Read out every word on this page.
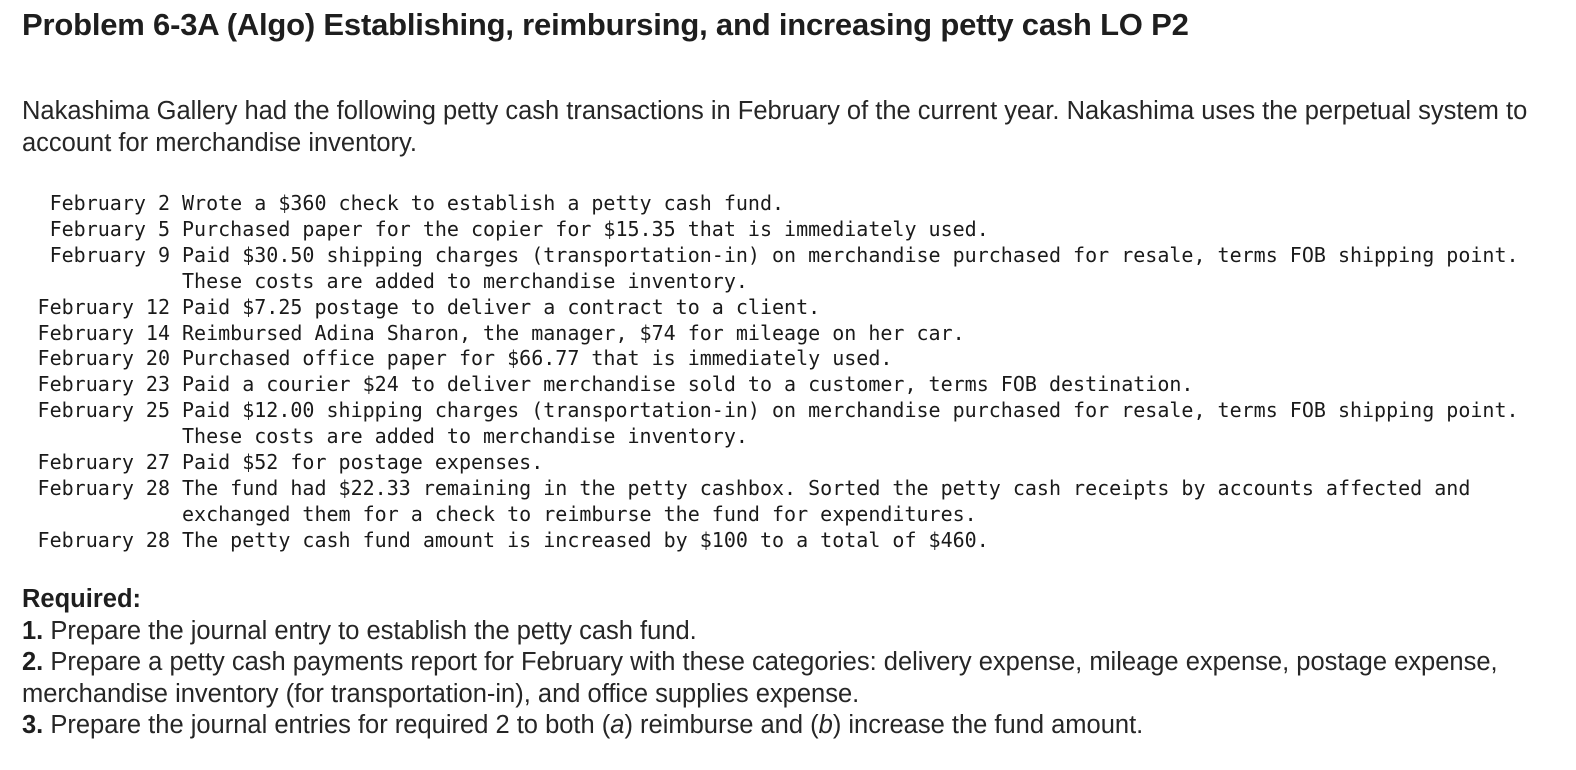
Problem 6-3A (Algo) Establishing, reimbursing, and increasing petty cash LO P2

Nakashima Gallery had the following petty cash transactions in February of the current year. Nakashima uses the perpetual system to account for merchandise inventory.

February 2 Wrote a $360 check to establish a petty cash fund.
February 5 Purchased paper for the copier for $15.35 that is immediately used.
February 9 Paid $30.50 shipping charges (transportation-in) on merchandise purchased for resale, terms FOB shipping point. These costs are added to merchandise inventory.
February 12 Paid $7.25 postage to deliver a contract to a client.
February 14 Reimbursed Adina Sharon, the manager, $74 for mileage on her car.
February 20 Purchased office paper for $66.77 that is immediately used.
February 23 Paid a courier $24 to deliver merchandise sold to a customer, terms FOB destination.
February 25 Paid $12.00 shipping charges (transportation-in) on merchandise purchased for resale, terms FOB shipping point. These costs are added to merchandise inventory.
February 27 Paid $52 for postage expenses.
February 28 The fund had $22.33 remaining in the petty cashbox. Sorted the petty cash receipts by accounts affected and exchanged them for a check to reimburse the fund for expenditures.
February 28 The petty cash fund amount is increased by $100 to a total of $460.
Required:
1. Prepare the journal entry to establish the petty cash fund.
2. Prepare a petty cash payments report for February with these categories: delivery expense, mileage expense, postage expense, merchandise inventory (for transportation-in), and office supplies expense.
3. Prepare the journal entries for required 2 to both (a) reimburse and (b) increase the fund amount.
